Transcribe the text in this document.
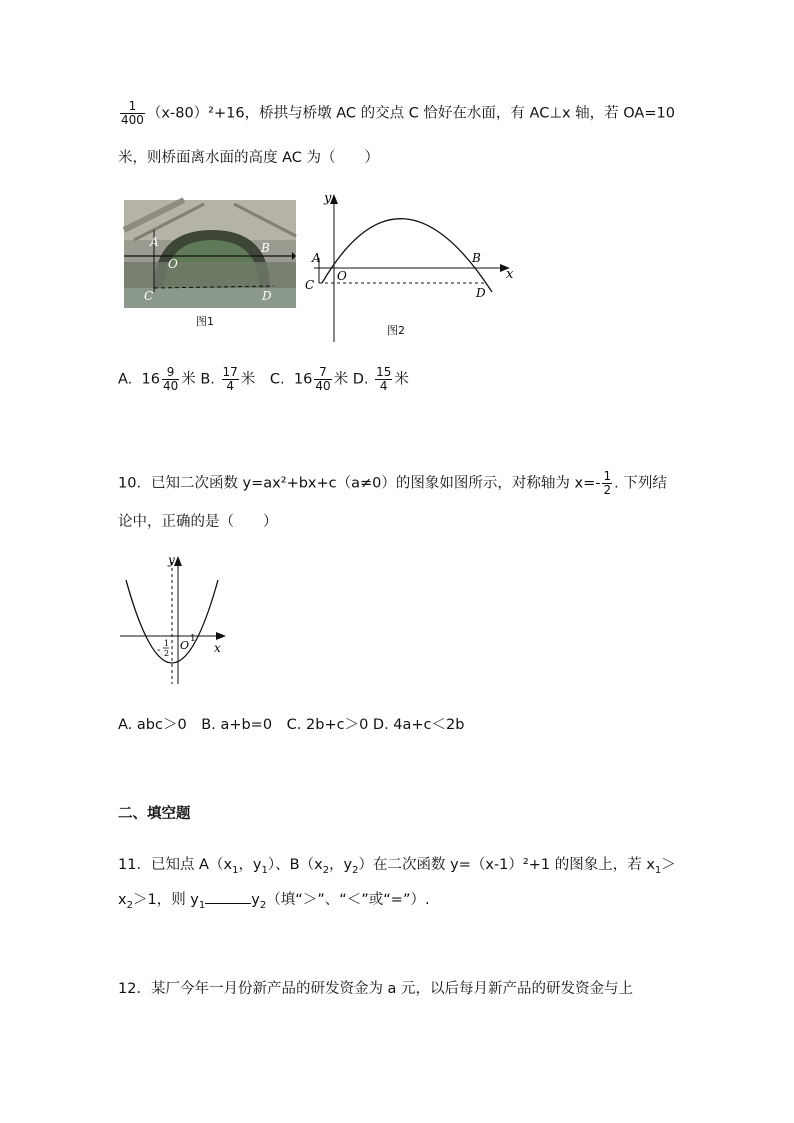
$\frac{1}{400} (x-80)^2+16$，桥拱与桥墩 AC 的交点 C 恰好在水面，有 AC⊥x 轴，若 OA=10
米，则桥面离水面的高度 AC 为（　　）
A
O
B
C	D
图1
y
x
A
O
B
C
D
图2
A. $16 \frac{9}{40}$ 米 B. $\frac{17}{4}$ 米 C. $16 \frac{7}{40}$ 米 D. $\frac{15}{4}$ 米
10．已知二次函数 y=ax²+bx+c（a≠0）的图象如图所示，对称轴为 $x=- \frac{1}{2}$ . 下列结
论中，正确的是（　　）
y
x
O 1
-
1
2
A. abc＞0 B. a+b=0 C. 2b+c＞0 D. 4a+c＜2b
二、填空题
11．已知点 $A(x_1$，$y_1$）、$B(x_2$，$y_2$）在二次函数 y=（x-1）²+1 的图象上，若 $x_1>$
$x_2>1$，则 $y_1$	$y_2$（填“＞”、“＜”或“=”）.
12．某厂今年一月份新产品的研发资金为 a 元，以后每月新产品的研发资金与上
